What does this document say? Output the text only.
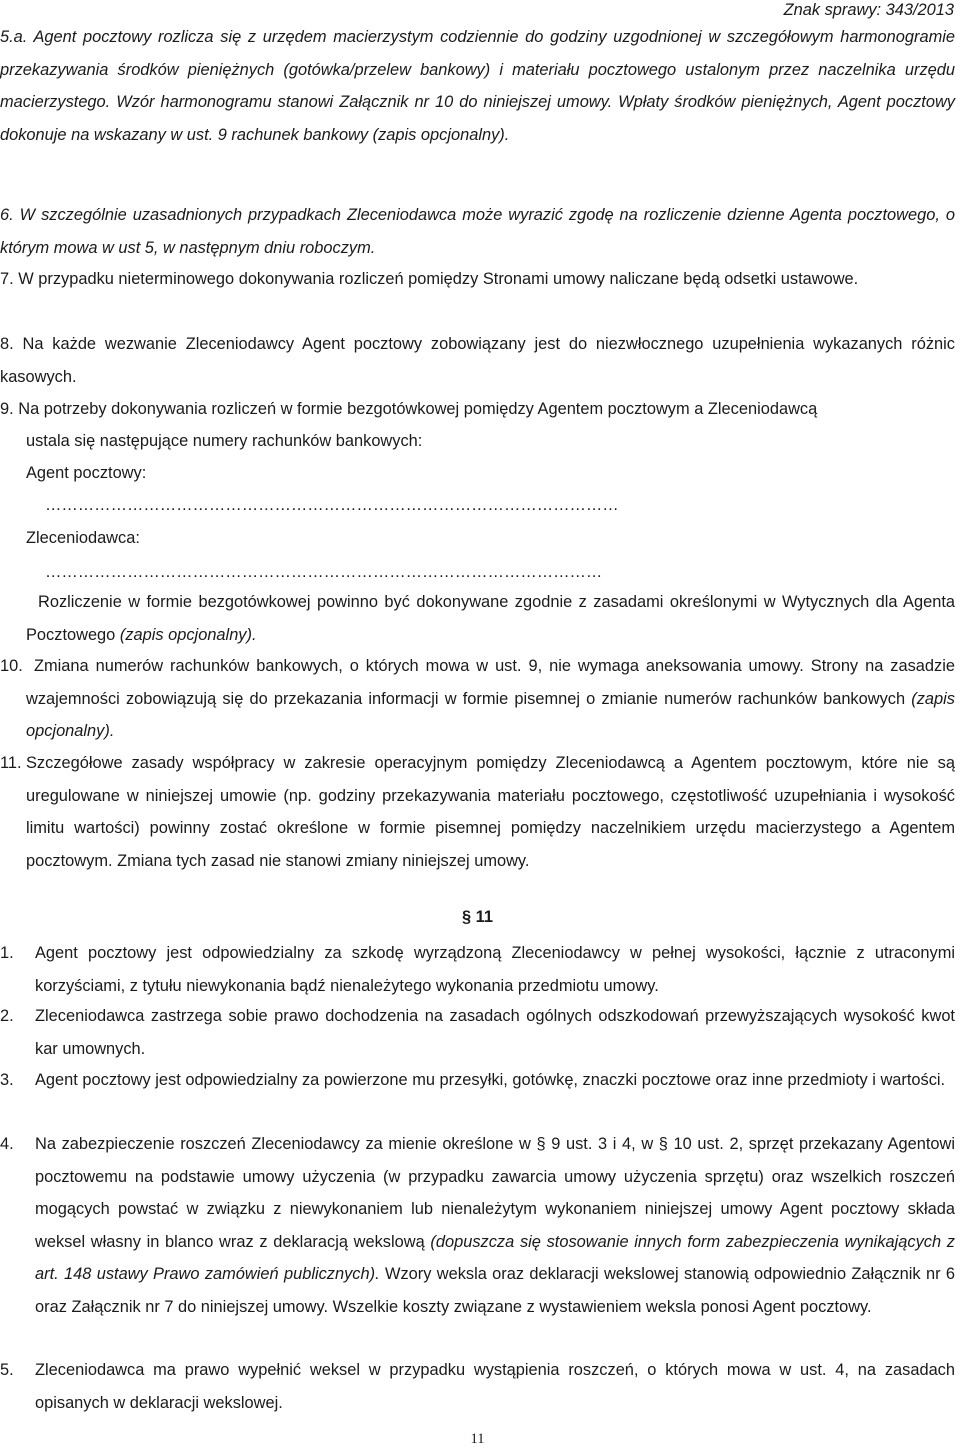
Znak sprawy: 343/2013

5.a. Agent pocztowy rozlicza się z urzędem macierzystym codziennie do godziny uzgodnionej w szczegółowym harmonogramie przekazywania środków pieniężnych (gotówka/przelew bankowy) i materiału pocztowego ustalonym przez naczelnika urzędu macierzystego. Wzór harmonogramu stanowi Załącznik nr 10 do niniejszej umowy. Wpłaty środków pieniężnych, Agent pocztowy dokonuje na wskazany w ust. 9 rachunek bankowy (zapis opcjonalny).

6. W szczególnie uzasadnionych przypadkach Zleceniodawca może wyrazić zgodę na rozliczenie dzienne Agenta pocztowego, o którym mowa w ust 5, w następnym dniu roboczym.

7. W przypadku nieterminowego dokonywania rozliczeń pomiędzy Stronami umowy naliczane będą odsetki ustawowe.

8. Na każde wezwanie Zleceniodawcy Agent pocztowy zobowiązany jest do niezwłocznego uzupełnienia wykazanych różnic kasowych.

9. Na potrzeby dokonywania rozliczeń w formie bezgotówkowej pomiędzy Agentem pocztowym a Zleceniodawcą

ustala się następujące numery rachunków bankowych:

Agent pocztowy:
……………………………………………………………………………………………
Zleceniodawca:
…………………………………………………………………………………………

Rozliczenie w formie bezgotówkowej powinno być dokonywane zgodnie z zasadami określonymi w Wytycznych dla Agenta Pocztowego (zapis opcjonalny).

10. Zmiana numerów rachunków bankowych, o których mowa w ust. 9, nie wymaga aneksowania umowy. Strony na zasadzie wzajemności zobowiązują się do przekazania informacji w formie pisemnej o zmianie numerów rachunków bankowych (zapis opcjonalny).

11. Szczegółowe zasady współpracy w zakresie operacyjnym pomiędzy Zleceniodawcą a Agentem pocztowym, które nie są uregulowane w niniejszej umowie (np. godziny przekazywania materiału pocztowego, częstotliwość uzupełniania i wysokość limitu wartości) powinny zostać określone w formie pisemnej pomiędzy naczelnikiem urzędu macierzystego a Agentem pocztowym. Zmiana tych zasad nie stanowi zmiany niniejszej umowy.

§ 11
1. Agent pocztowy jest odpowiedzialny za szkodę wyrządzoną Zleceniodawcy w pełnej wysokości, łącznie z utraconymi korzyściami, z tytułu niewykonania bądź nienależytego wykonania przedmiotu umowy.

2. Zleceniodawca zastrzega sobie prawo dochodzenia na zasadach ogólnych odszkodowań przewyższających wysokość kwot kar umownych.

3. Agent pocztowy jest odpowiedzialny za powierzone mu przesyłki, gotówkę, znaczki pocztowe oraz inne przedmioty i wartości.

4. Na zabezpieczenie roszczeń Zleceniodawcy za mienie określone w § 9 ust. 3 i 4, w § 10 ust. 2, sprzęt przekazany Agentowi pocztowemu na podstawie umowy użyczenia (w przypadku zawarcia umowy użyczenia sprzętu) oraz wszelkich roszczeń mogących powstać w związku z niewykonaniem lub nienależytym wykonaniem niniejszej umowy Agent pocztowy składa weksel własny in blanco wraz z deklaracją wekslową (dopuszcza się stosowanie innych form zabezpieczenia wynikających z art. 148 ustawy Prawo zamówień publicznych). Wzory weksla oraz deklaracji wekslowej stanowią odpowiednio Załącznik nr 6 oraz Załącznik nr 7 do niniejszej umowy. Wszelkie koszty związane z wystawieniem weksla ponosi Agent pocztowy.

5. Zleceniodawca ma prawo wypełnić weksel w przypadku wystąpienia roszczeń, o których mowa w ust. 4, na zasadach opisanych w deklaracji wekslowej.

11
